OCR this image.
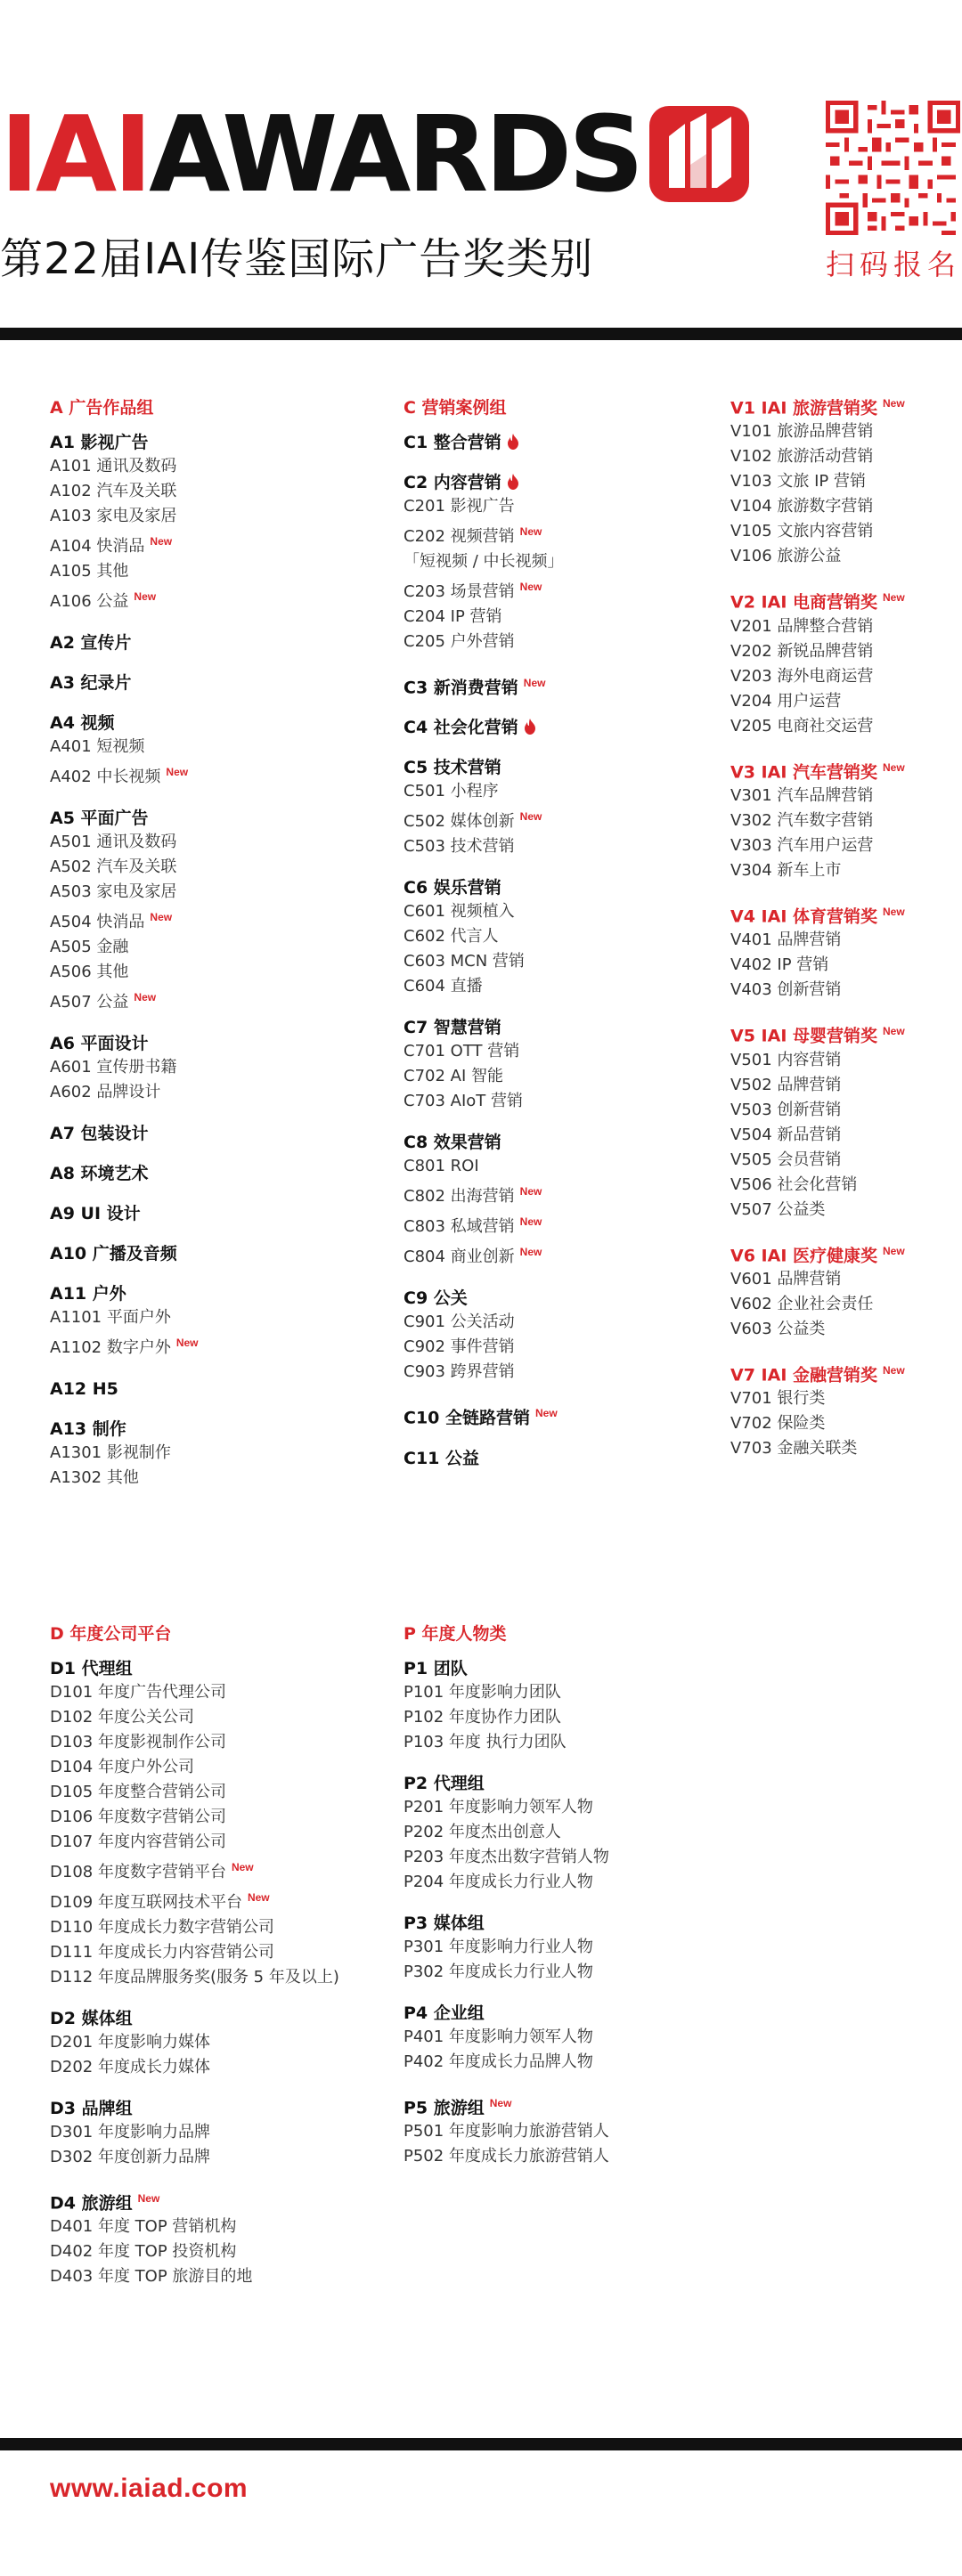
IAI AWARDS
第22届IAI传鉴国际广告奖类别	扫码报名
A 广告作品组
A1 影视广告
A101 通讯及数码
A102 汽车及关联
A103 家电及家居
A104 快消品 $^{New}$
A105 其他
A106 公益 $^{New}$
A2 宣传片
A3 纪录片
A4 视频
A401 短视频
A402 中长视频 $^{New}$
A5 平面广告
A501 通讯及数码
A502 汽车及关联
A503 家电及家居
A504 快消品 $^{New}$
A505 金融
A506 其他
A507 公益 $^{New}$
A6 平面设计
A601 宣传册书籍
A602 品牌设计
A7 包装设计
A8 环境艺术
A9 UI 设计
A10 广播及音频
A11 户外
A1101 平面户外
A1102 数字户外 $^{New}$
A12 H5
A13 制作
A1301 影视制作
A1302 其他
C 营销案例组
C1 整合营销
C2 内容营销
C201 影视广告
C202 视频营销 $^{New}$
「短视频 / 中长视频」
C203 场景营销 $^{New}$
C204 IP 营销
C205 户外营销
C3 新消费营销 $^{New}$
C4 社会化营销
C5 技术营销
C501 小程序
C502 媒体创新 $^{New}$
C503 技术营销
C6 娱乐营销
C601 视频植入
C602 代言人
C603 MCN 营销
C604 直播
C7 智慧营销
C701 OTT 营销
C702 AI 智能
C703 AIoT 营销
C8 效果营销
C801 ROI
C802 出海营销 $^{New}$
C803 私域营销 $^{New}$
C804 商业创新 $^{New}$
C9 公关
C901 公关活动
C902 事件营销
C903 跨界营销
C10 全链路营销 $^{New}$
C11 公益
V1 IAI 旅游营销奖 $^{New}$
V101 旅游品牌营销
V102 旅游活动营销
V103 文旅 IP 营销
V104 旅游数字营销
V105 文旅内容营销
V106 旅游公益
V2 IAI 电商营销奖 $^{New}$
V201 品牌整合营销
V202 新锐品牌营销
V203 海外电商运营
V204 用户运营
V205 电商社交运营
V3 IAI 汽车营销奖 $^{New}$
V301 汽车品牌营销
V302 汽车数字营销
V303 汽车用户运营
V304 新车上市
V4 IAI 体育营销奖 $^{New}$
V401 品牌营销
V402 IP 营销
V403 创新营销
V5 IAI 母婴营销奖 $^{New}$
V501 内容营销
V502 品牌营销
V503 创新营销
V504 新品营销
V505 会员营销
V506 社会化营销
V507 公益类
V6 IAI 医疗健康奖 $^{New}$
V601 品牌营销
V602 企业社会责任
V603 公益类
V7 IAI 金融营销奖 $^{New}$
V701 银行类
V702 保险类
V703 金融关联类
D 年度公司平台
D1 代理组
D101 年度广告代理公司
D102 年度公关公司
D103 年度影视制作公司
D104 年度户外公司
D105 年度整合营销公司
D106 年度数字营销公司
D107 年度内容营销公司
D108 年度数字营销平台 $^{New}$
D109 年度互联网技术平台 $^{New}$
D110 年度成长力数字营销公司
D111 年度成长力内容营销公司
D112 年度品牌服务奖(服务 5 年及以上)
D2 媒体组
D201 年度影响力媒体
D202 年度成长力媒体
D3 品牌组
D301 年度影响力品牌
D302 年度创新力品牌
D4 旅游组 $^{New}$
D401 年度 TOP 营销机构
D402 年度 TOP 投资机构
D403 年度 TOP 旅游目的地
P 年度人物类
P1 团队
P101 年度影响力团队
P102 年度协作力团队
P103 年度 执行力团队
P2 代理组
P201 年度影响力领军人物
P202 年度杰出创意人
P203 年度杰出数字营销人物
P204 年度成长力行业人物
P3 媒体组
P301 年度影响力行业人物
P302 年度成长力行业人物
P4 企业组
P401 年度影响力领军人物
P402 年度成长力品牌人物
P5 旅游组 $^{New}$
P501 年度影响力旅游营销人
P502 年度成长力旅游营销人
www.iaiad.com
